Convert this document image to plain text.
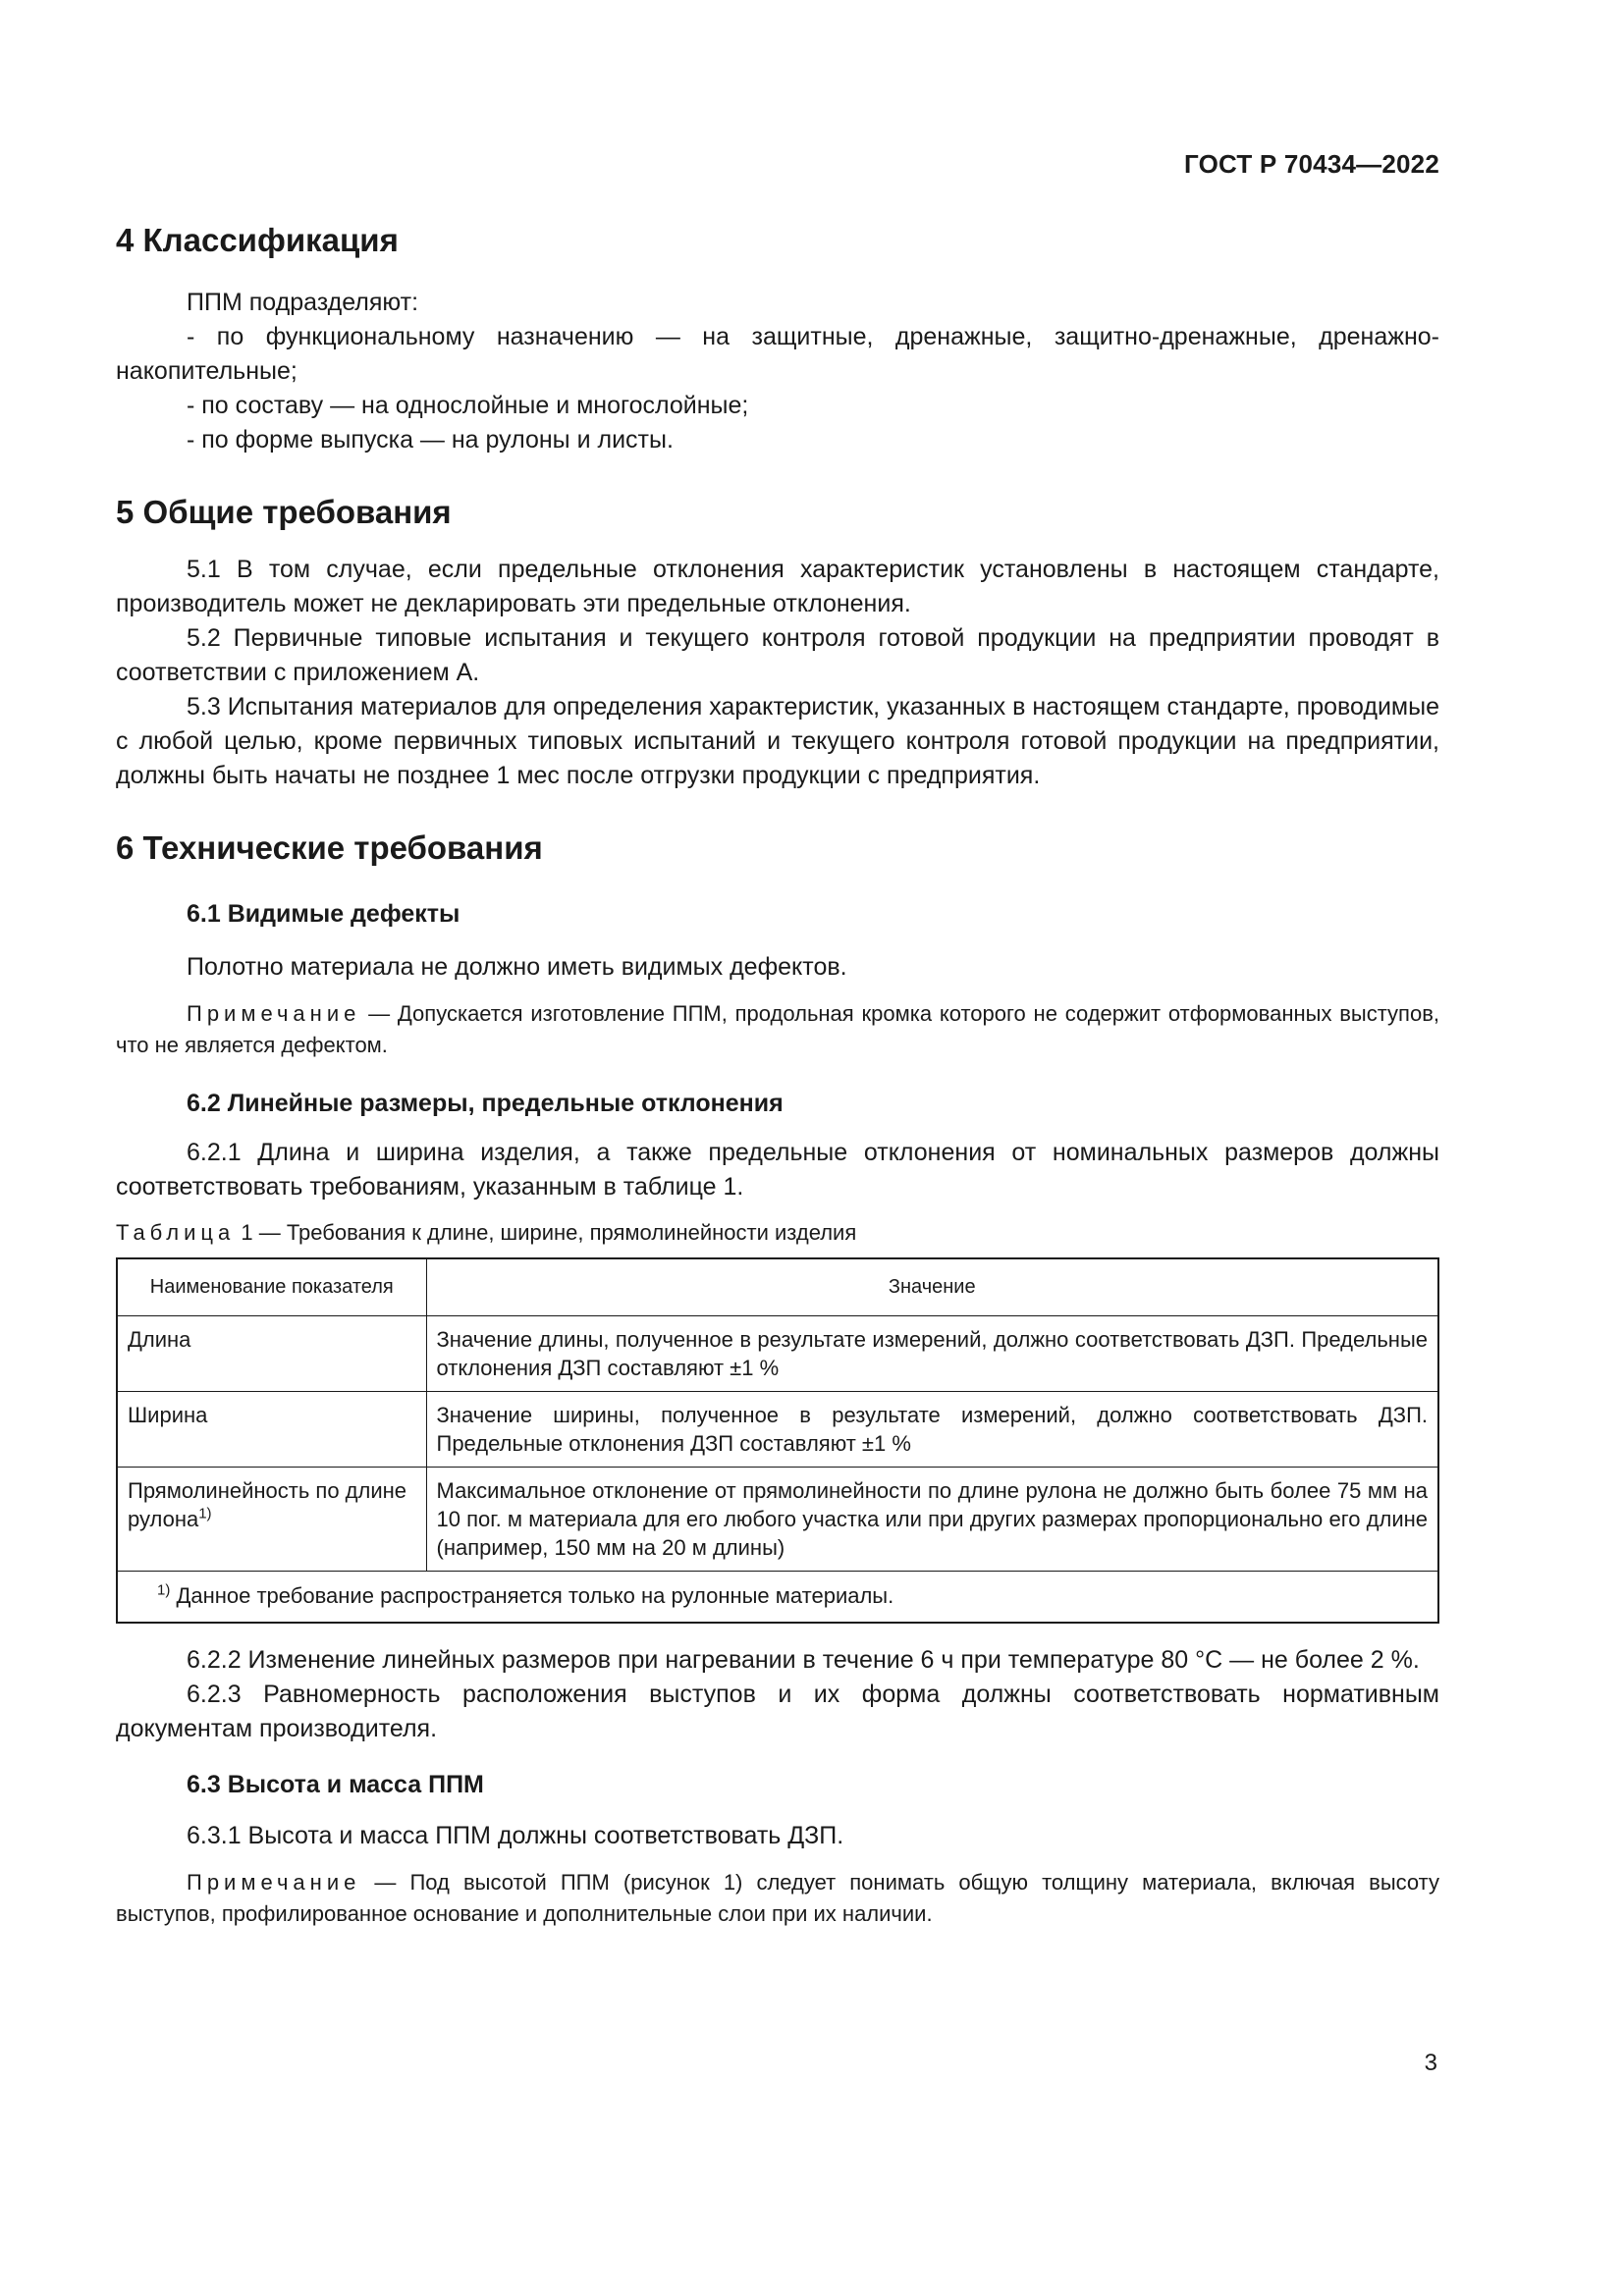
ГОСТ Р 70434—2022
4 Классификация

ППМ подразделяют:

- по функциональному назначению — на защитные, дренажные, защитно-дренажные, дренажно-накопительные;

- по составу — на однослойные и многослойные;

- по форме выпуска — на рулоны и листы.

5 Общие требования

5.1 В том случае, если предельные отклонения характеристик установлены в настоящем стандарте, производитель может не декларировать эти предельные отклонения.

5.2 Первичные типовые испытания и текущего контроля готовой продукции на предприятии проводят в соответствии с приложением А.

5.3 Испытания материалов для определения характеристик, указанных в настоящем стандарте, проводимые с любой целью, кроме первичных типовых испытаний и текущего контроля готовой продукции на предприятии, должны быть начаты не позднее 1 мес после отгрузки продукции с предприятия.

6 Технические требования
6.1 Видимые дефекты

Полотно материала не должно иметь видимых дефектов.

Примечание — Допускается изготовление ППМ, продольная кромка которого не содержит отформованных выступов, что не является дефектом.

6.2 Линейные размеры, предельные отклонения

6.2.1 Длина и ширина изделия, а также предельные отклонения от номинальных размеров должны соответствовать требованиям, указанным в таблице 1.

Таблица 1 — Требования к длине, ширине, прямолинейности изделия

Наименование показателя	Значение
Длина	Значение длины, полученное в результате измерений, должно соответствовать ДЗП. Предельные отклонения ДЗП составляют ±1 %
Ширина	Значение ширины, полученное в результате измерений, должно соответствовать ДЗП. Предельные отклонения ДЗП составляют ±1 %
Прямолинейность по длине рулона$^{1)}$	Максимальное отклонение от прямолинейности по длине рулона не должно быть более 75 мм на 10 пог. м материала для его любого участка или при других размерах пропорционально его длине (например, 150 мм на 20 м длины)
$^{1)}$ Данное требование распространяется только на рулонные материалы.	

6.2.2 Изменение линейных размеров при нагревании в течение 6 ч при температуре 80 °С — не более 2 %.

6.2.3 Равномерность расположения выступов и их форма должны соответствовать нормативным документам производителя.

6.3 Высота и масса ППМ

6.3.1 Высота и масса ППМ должны соответствовать ДЗП.

Примечание — Под высотой ППМ (рисунок 1) следует понимать общую толщину материала, включая высоту выступов, профилированное основание и дополнительные слои при их наличии.

3
